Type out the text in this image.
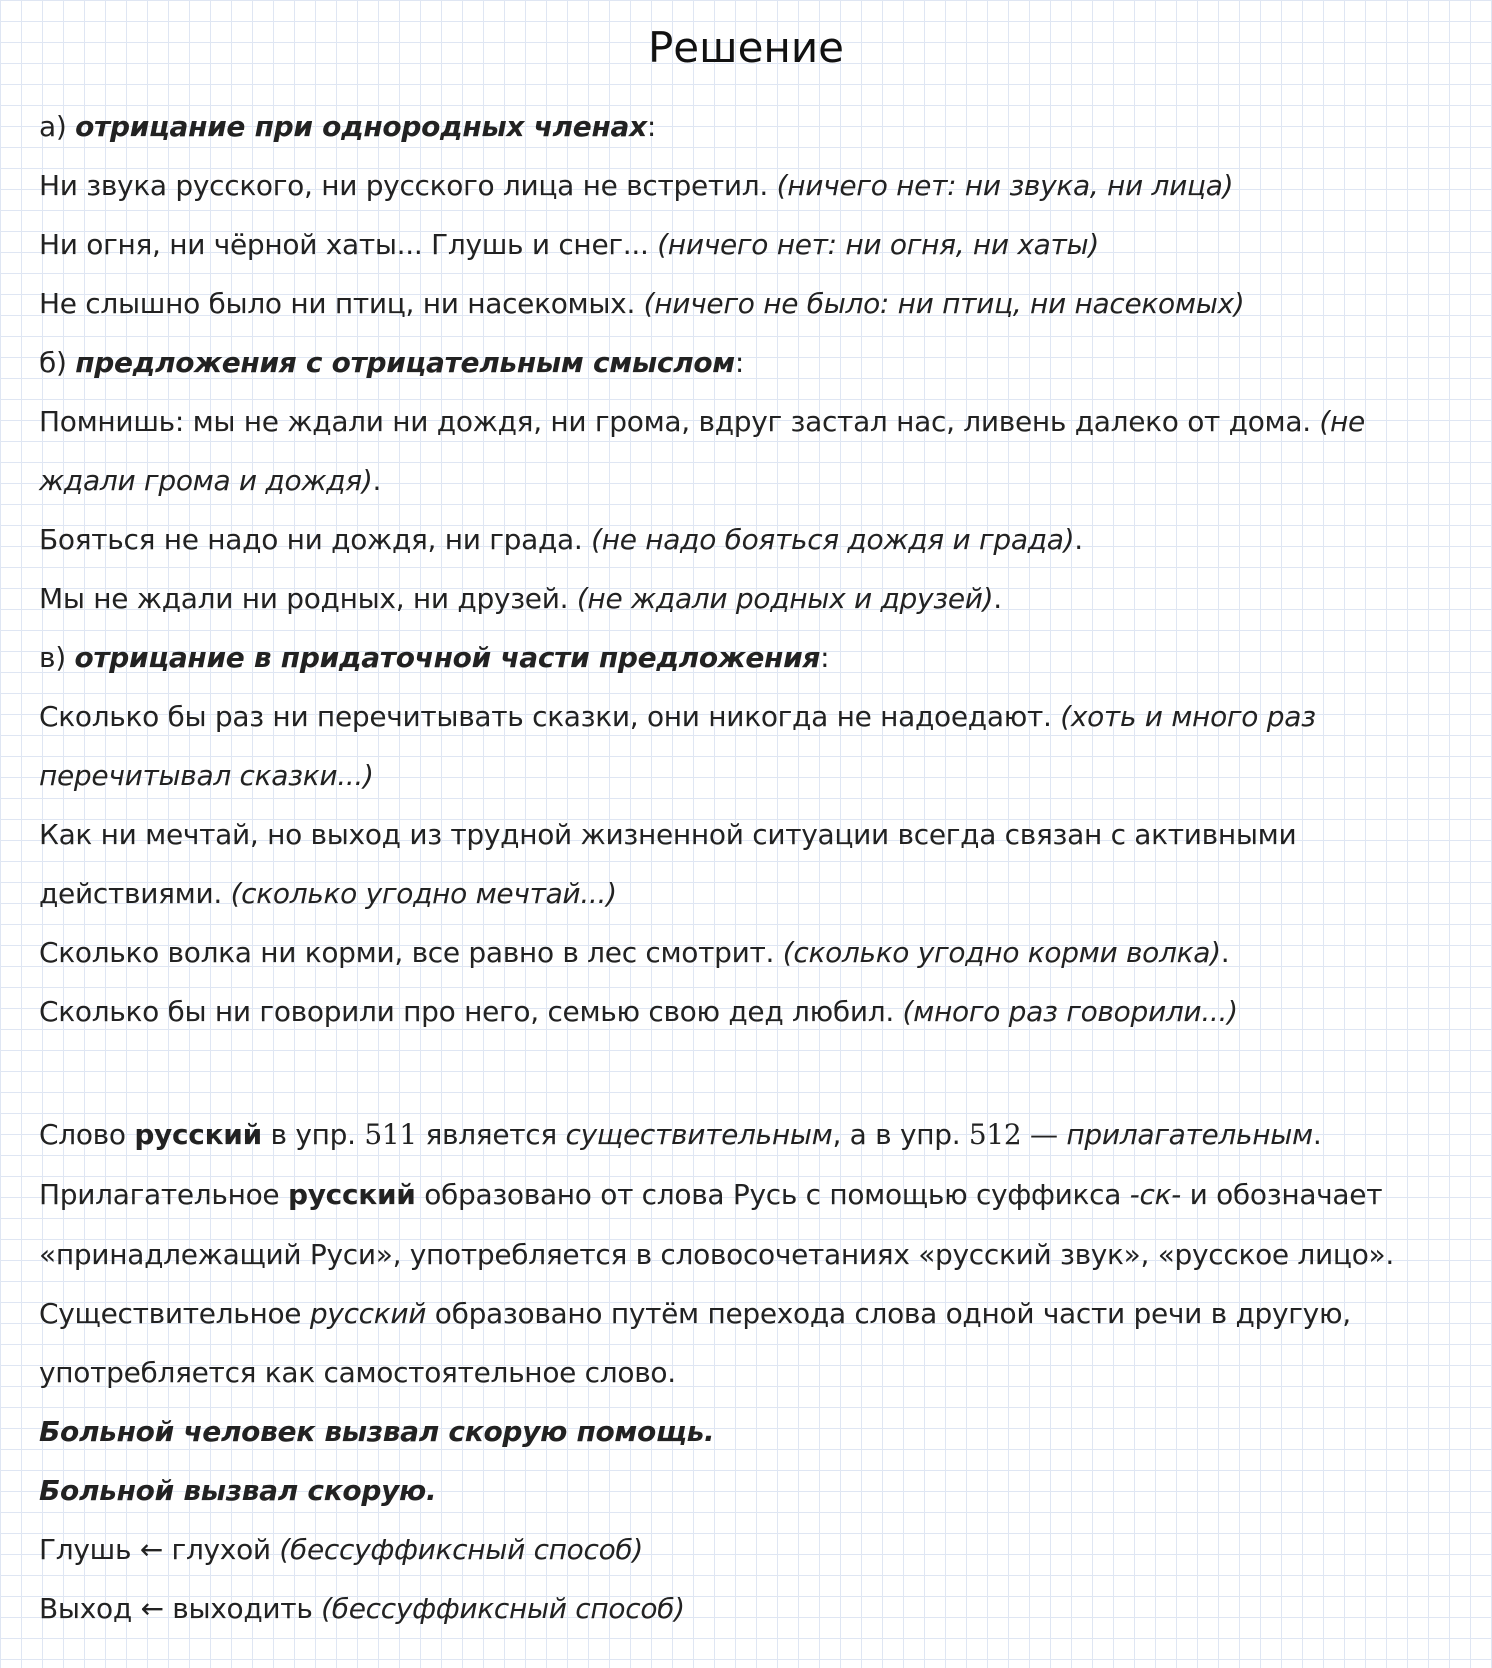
Решение
а) отрицание при однородных членах:
Ни звука русского, ни русского лица не встретил. (ничего нет: ни звука, ни лица)
Ни огня, ни чёрной хаты... Глушь и снег... (ничего нет: ни огня, ни хаты)
Не слышно было ни птиц, ни насекомых. (ничего не было: ни птиц, ни насекомых)
б) предложения с отрицательным смыслом:
Помнишь: мы не ждали ни дождя, ни грома, вдруг застал нас, ливень далеко от дома. (не
ждали грома и дождя).
Бояться не надо ни дождя, ни града. (не надо бояться дождя и града).
Мы не ждали ни родных, ни друзей. (не ждали родных и друзей).
в) отрицание в придаточной части предложения:
Сколько бы раз ни перечитывать сказки, они никогда не надоедают. (хоть и много раз
перечитывал сказки...)
Как ни мечтай, но выход из трудной жизненной ситуации всегда связан с активными
действиями. (сколько угодно мечтай...)
Сколько волка ни корми, все равно в лес смотрит. (сколько угодно корми волка).
Сколько бы ни говорили про него, семью свою дед любил. (много раз говорили...)
Слово русский в упр. 511 является существительным, а в упр. 512 — прилагательным.
Прилагательное русский образовано от слова Русь с помощью суффикса -ск- и обозначает
«принадлежащий Руси», употребляется в словосочетаниях «русский звук», «русское лицо».
Существительное русский образовано путём перехода слова одной части речи в другую,
употребляется как самостоятельное слово.
Больной человек вызвал скорую помощь.
Больной вызвал скорую.
Глушь ← глухой (бессуффиксный способ)
Выход ← выходить (бессуффиксный способ)
